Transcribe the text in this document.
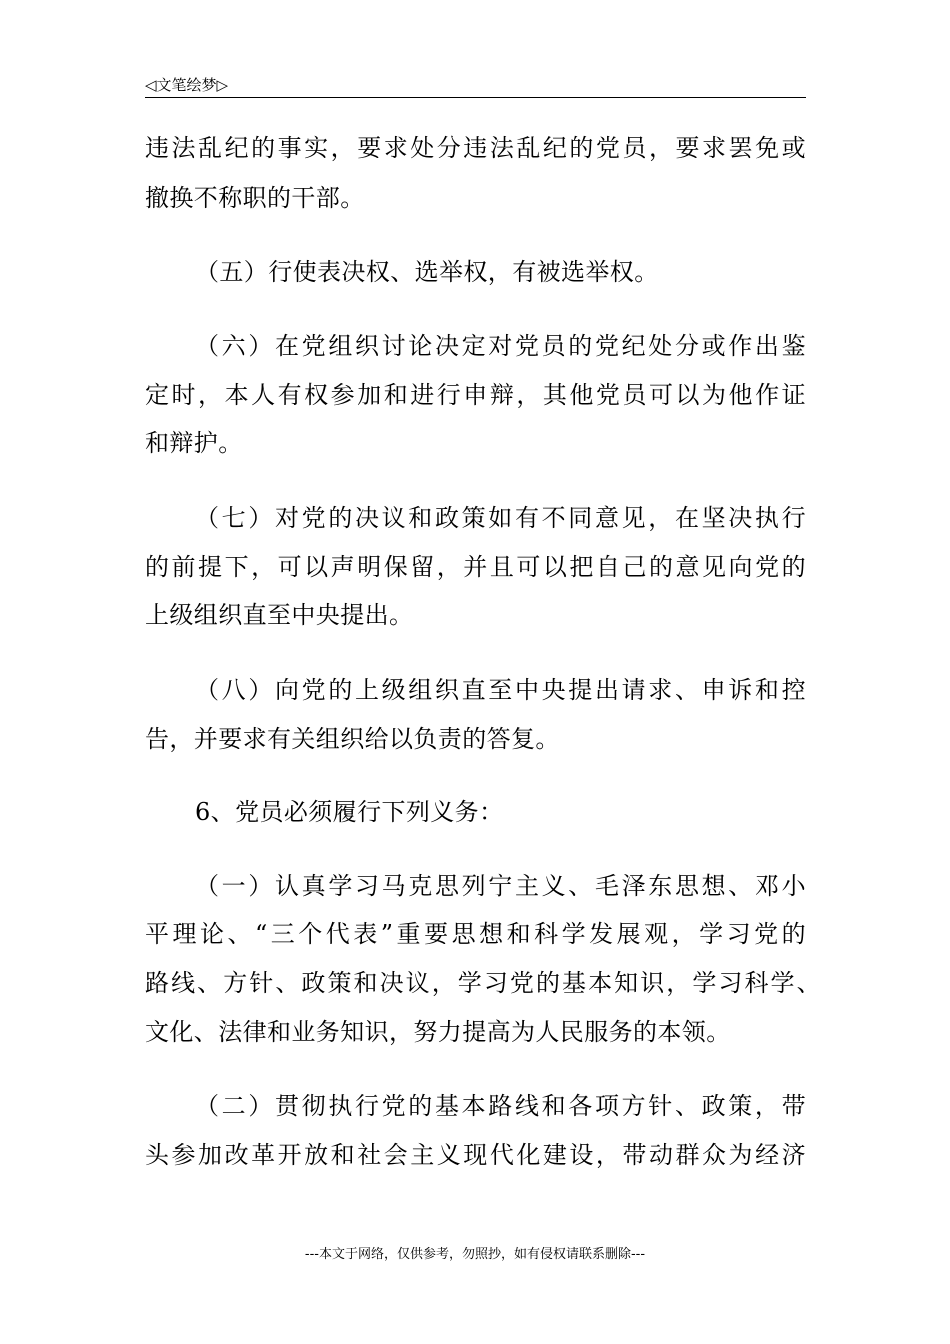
◁文笔绘梦▷
违法乱纪的事实，要求处分违法乱纪的党员，要求罢免或
撤换不称职的干部。
（五）行使表决权、选举权，有被选举权。
（六）在党组织讨论决定对党员的党纪处分或作出鉴
定时，本人有权参加和进行申辩，其他党员可以为他作证
和辩护。
（七）对党的决议和政策如有不同意见，在坚决执行
的前提下，可以声明保留，并且可以把自己的意见向党的
上级组织直至中央提出。
（八）向党的上级组织直至中央提出请求、申诉和控
告，并要求有关组织给以负责的答复。
6、党员必须履行下列义务：
（一）认真学习马克思列宁主义、毛泽东思想、邓小
平理论、“三个代表”重要思想和科学发展观，学习党的
路线、方针、政策和决议，学习党的基本知识，学习科学、
文化、法律和业务知识，努力提高为人民服务的本领。
（二）贯彻执行党的基本路线和各项方针、政策，带
头参加改革开放和社会主义现代化建设，带动群众为经济
---本文于网络，仅供参考，勿照抄，如有侵权请联系删除---
